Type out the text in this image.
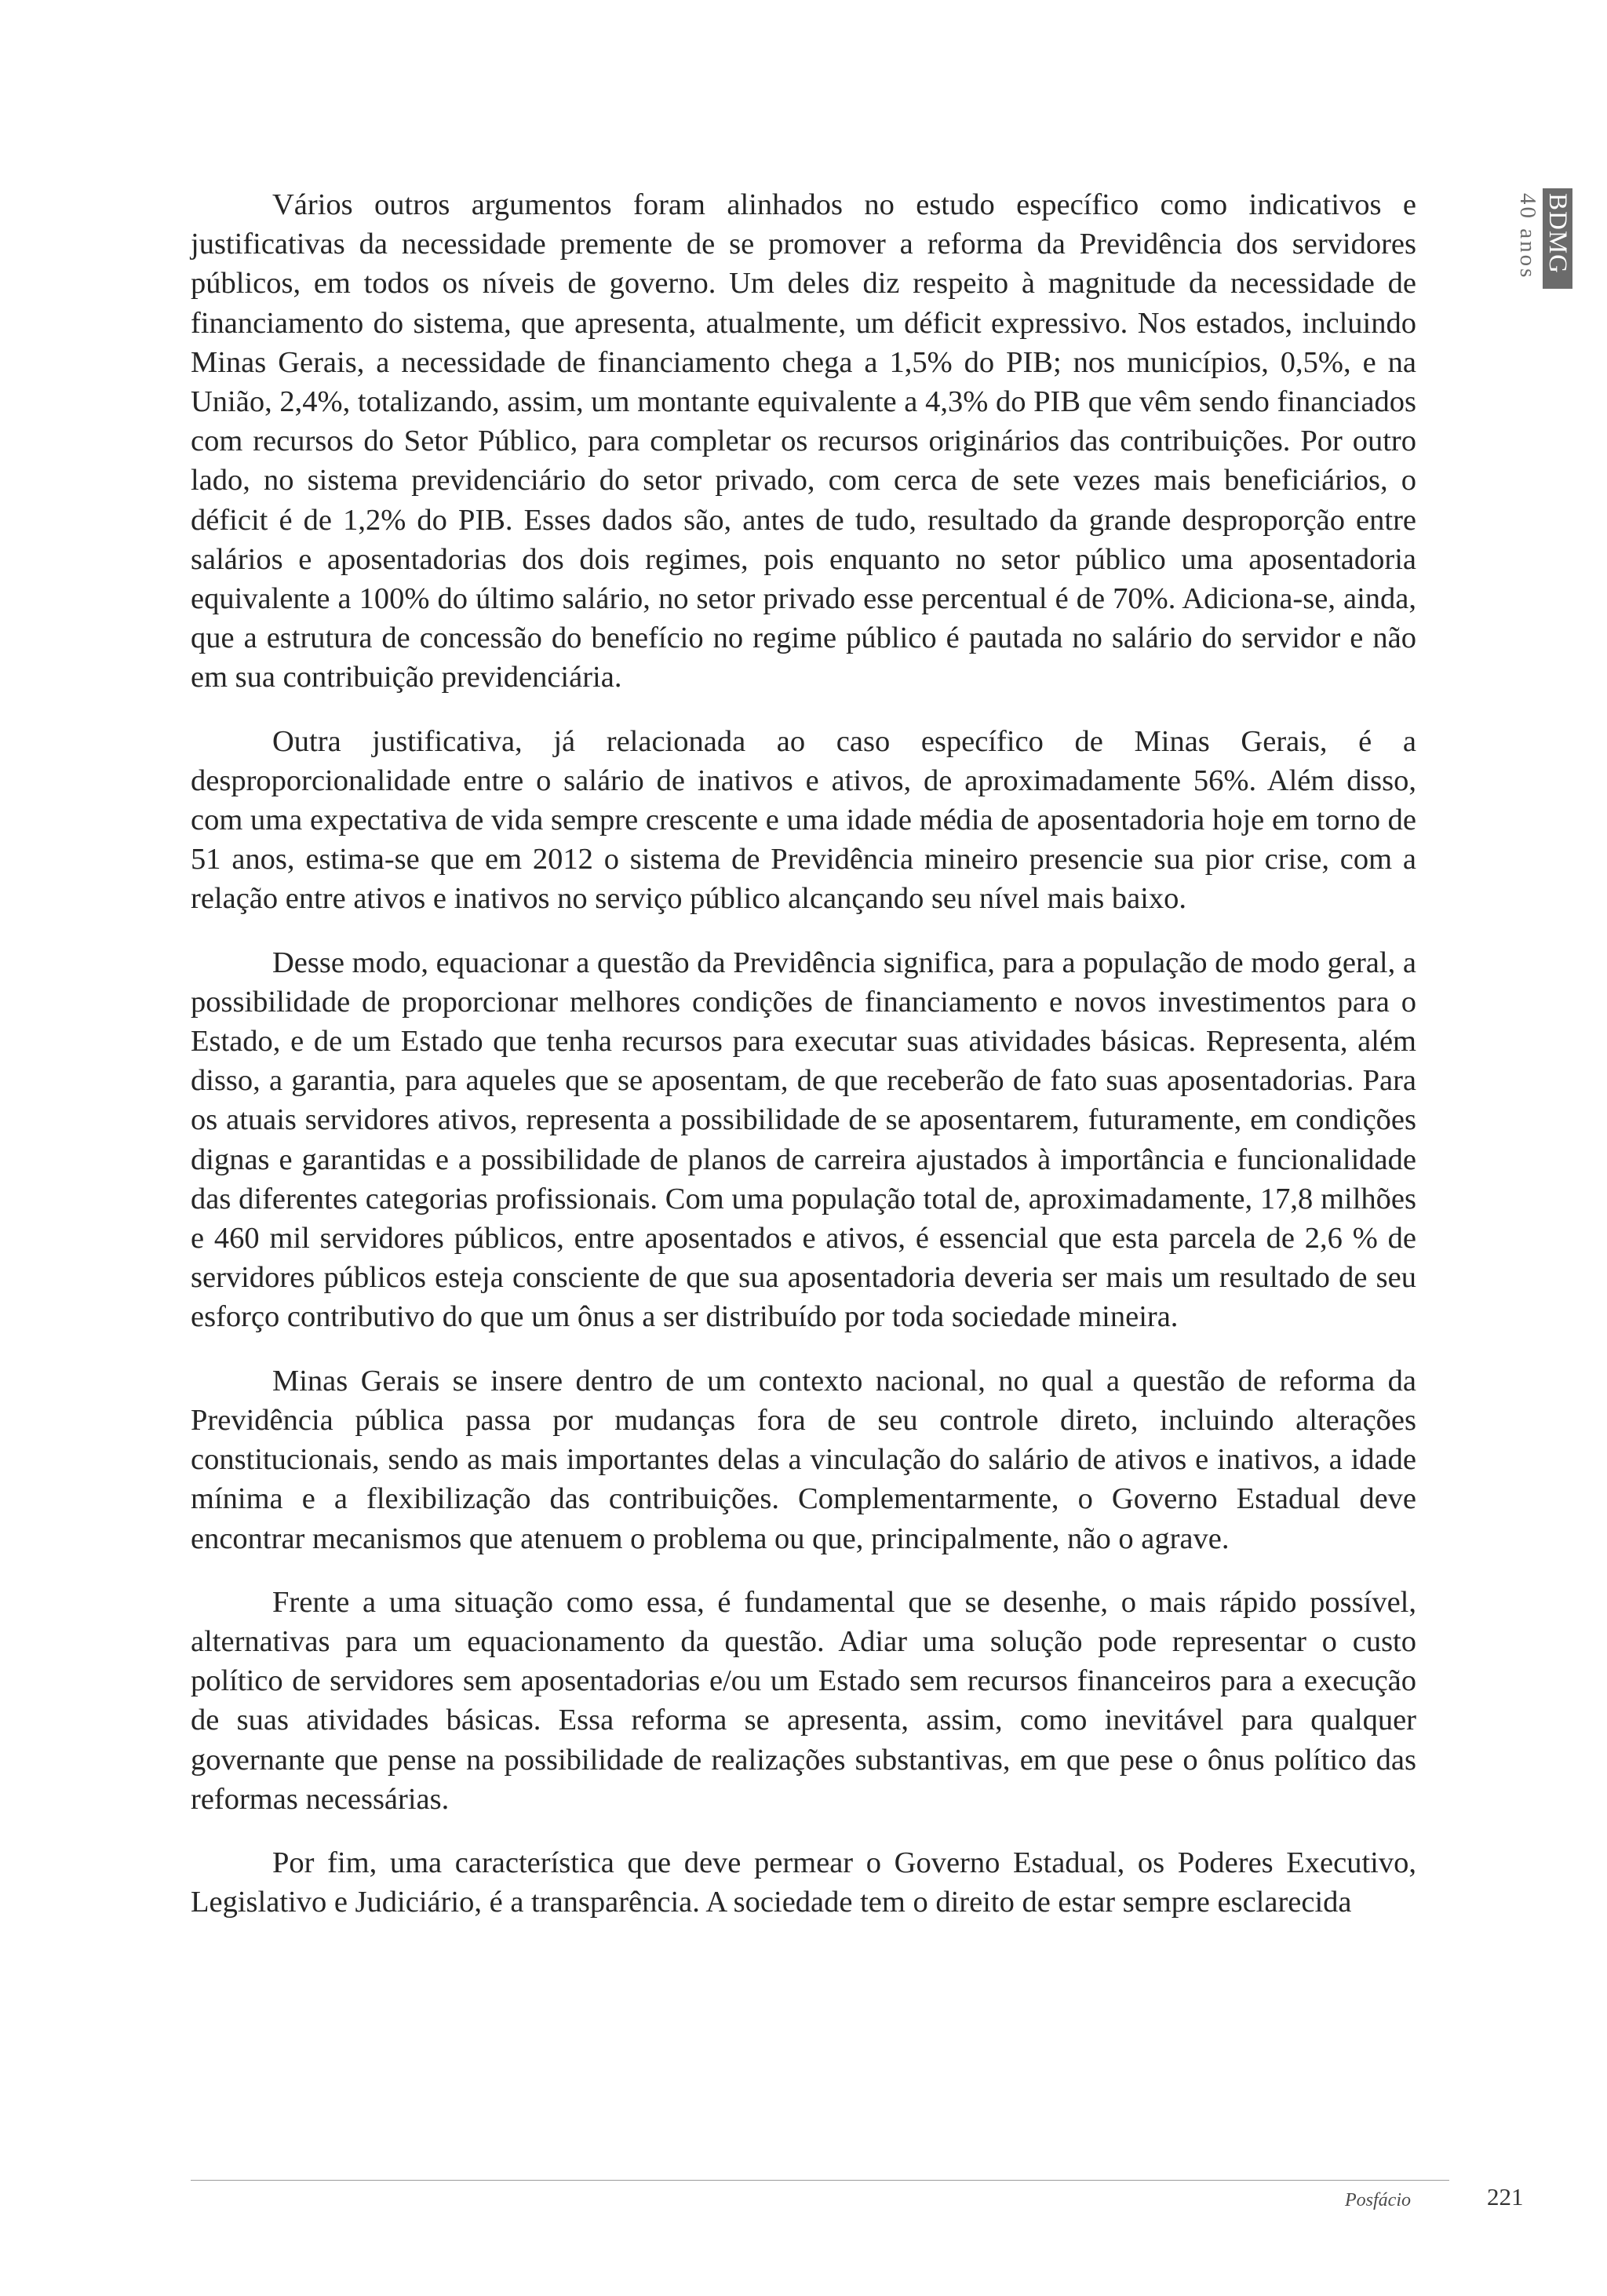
BDMG
40 anos

Vários outros argumentos foram alinhados no estudo específico como indicativos e justificativas da necessidade premente de se promover a reforma da Previdência dos servidores públicos, em todos os níveis de governo. Um deles diz respeito à magnitude da necessidade de financiamento do sistema, que apresenta, atualmente, um déficit expressivo. Nos estados, incluindo Minas Gerais, a necessidade de financiamento chega a 1,5% do PIB; nos municípios, 0,5%, e na União, 2,4%, totalizando, assim, um montante equivalente a 4,3% do PIB que vêm sendo financiados com recursos do Setor Público, para completar os recursos originários das contribuições. Por outro lado, no sistema previdenciário do setor privado, com cerca de sete vezes mais beneficiários, o déficit é de 1,2% do PIB. Esses dados são, antes de tudo, resultado da grande desproporção entre salários e aposentadorias dos dois regimes, pois enquanto no setor público uma aposentadoria equivalente a 100% do último salário, no setor privado esse percentual é de 70%. Adiciona-se, ainda, que a estrutura de concessão do benefício no regime público é pautada no salário do servidor e não em sua contribuição previdenciária.

Outra justificativa, já relacionada ao caso específico de Minas Gerais, é a desproporcionalidade entre o salário de inativos e ativos, de aproximadamente 56%. Além disso, com uma expectativa de vida sempre crescente e uma idade média de aposentadoria hoje em torno de 51 anos, estima-se que em 2012 o sistema de Previdência mineiro presencie sua pior crise, com a relação entre ativos e inativos no serviço público alcançando seu nível mais baixo.

Desse modo, equacionar a questão da Previdência significa, para a população de modo geral, a possibilidade de proporcionar melhores condições de financiamento e novos investimentos para o Estado, e de um Estado que tenha recursos para executar suas atividades básicas. Representa, além disso, a garantia, para aqueles que se aposentam, de que receberão de fato suas aposentadorias. Para os atuais servidores ativos, representa a possibilidade de se aposentarem, futuramente, em condições dignas e garantidas e a possibilidade de planos de carreira ajustados à importância e funcionalidade das diferentes categorias profissionais. Com uma população total de, aproximadamente, 17,8 milhões e 460 mil servidores públicos, entre aposentados e ativos, é essencial que esta parcela de 2,6 % de servidores públicos esteja consciente de que sua aposentadoria deveria ser mais um resultado de seu esforço contributivo do que um ônus a ser distribuído por toda sociedade mineira.

Minas Gerais se insere dentro de um contexto nacional, no qual a questão de reforma da Previdência pública passa por mudanças fora de seu controle direto, incluindo alterações constitucionais, sendo as mais importantes delas a vinculação do salário de ativos e inativos, a idade mínima e a flexibilização das contribuições. Complementarmente, o Governo Estadual deve encontrar mecanismos que atenuem o problema ou que, principalmente, não o agrave.

Frente a uma situação como essa, é fundamental que se desenhe, o mais rápido possível, alternativas para um equacionamento da questão. Adiar uma solução pode representar o custo político de servidores sem aposentadorias e/ou um Estado sem recursos financeiros para a execução de suas atividades básicas. Essa reforma se apresenta, assim, como inevitável para qualquer governante que pense na possibilidade de realizações substantivas, em que pese o ônus político das reformas necessárias.

Por fim, uma característica que deve permear o Governo Estadual, os Poderes Executivo, Legislativo e Judiciário, é a transparência. A sociedade tem o direito de estar sempre esclarecida

Posfácio	221
